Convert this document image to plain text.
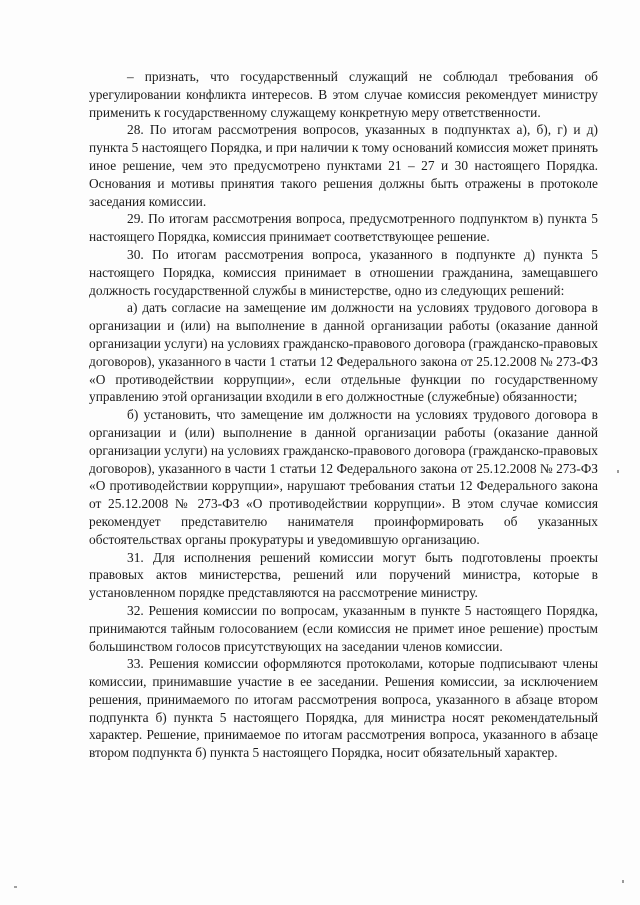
– признать, что государственный служащий не соблюдал требования об урегулировании конфликта интересов. В этом случае комиссия рекомендует министру применить к государственному служащему конкретную меру ответственности.

28. По итогам рассмотрения вопросов, указанных в подпунктах а), б), г) и д) пункта 5 настоящего Порядка, и при наличии к тому оснований комиссия может принять иное решение, чем это предусмотрено пунктами 21 – 27 и 30 настоящего Порядка. Основания и мотивы принятия такого решения должны быть отражены в протоколе заседания комиссии.

29. По итогам рассмотрения вопроса, предусмотренного подпунктом в) пункта 5 настоящего Порядка, комиссия принимает соответствующее решение.

30. По итогам рассмотрения вопроса, указанного в подпункте д) пункта 5 настоящего Порядка, комиссия принимает в отношении гражданина, замещавшего должность государственной службы в министерстве, одно из следующих решений:

а) дать согласие на замещение им должности на условиях трудового договора в организации и (или) на выполнение в данной организации работы (оказание данной организации услуги) на условиях гражданско-правового договора (гражданско-правовых договоров), указанного в части 1 статьи 12 Федерального закона от 25.12.2008 № 273-ФЗ «О противодействии коррупции», если отдельные функции по государственному управлению этой организации входили в его должностные (служебные) обязанности;

б) установить, что замещение им должности на условиях трудового договора в организации и (или) выполнение в данной организации работы (оказание данной организации услуги) на условиях гражданско-правового договора (гражданско-правовых договоров), указанного в части 1 статьи 12 Федерального закона от 25.12.2008 № 273-ФЗ «О противодействии коррупции», нарушают требования статьи 12 Федерального закона от 25.12.2008 № 273-ФЗ «О противодействии коррупции». В этом случае комиссия рекомендует представителю нанимателя проинформировать об указанных обстоятельствах органы прокуратуры и уведомившую организацию.

31. Для исполнения решений комиссии могут быть подготовлены проекты правовых актов министерства, решений или поручений министра, которые в установленном порядке представляются на рассмотрение министру.

32. Решения комиссии по вопросам, указанным в пункте 5 настоящего Порядка, принимаются тайным голосованием (если комиссия не примет иное решение) простым большинством голосов присутствующих на заседании членов комиссии.

33. Решения комиссии оформляются протоколами, которые подписывают члены комиссии, принимавшие участие в ее заседании. Решения комиссии, за исключением решения, принимаемого по итогам рассмотрения вопроса, указанного в абзаце втором подпункта б) пункта 5 настоящего Порядка, для министра носят рекомендательный характер. Решение, принимаемое по итогам рассмотрения вопроса, указанного в абзаце втором подпункта б) пункта 5 настоящего Порядка, носит обязательный характер.
